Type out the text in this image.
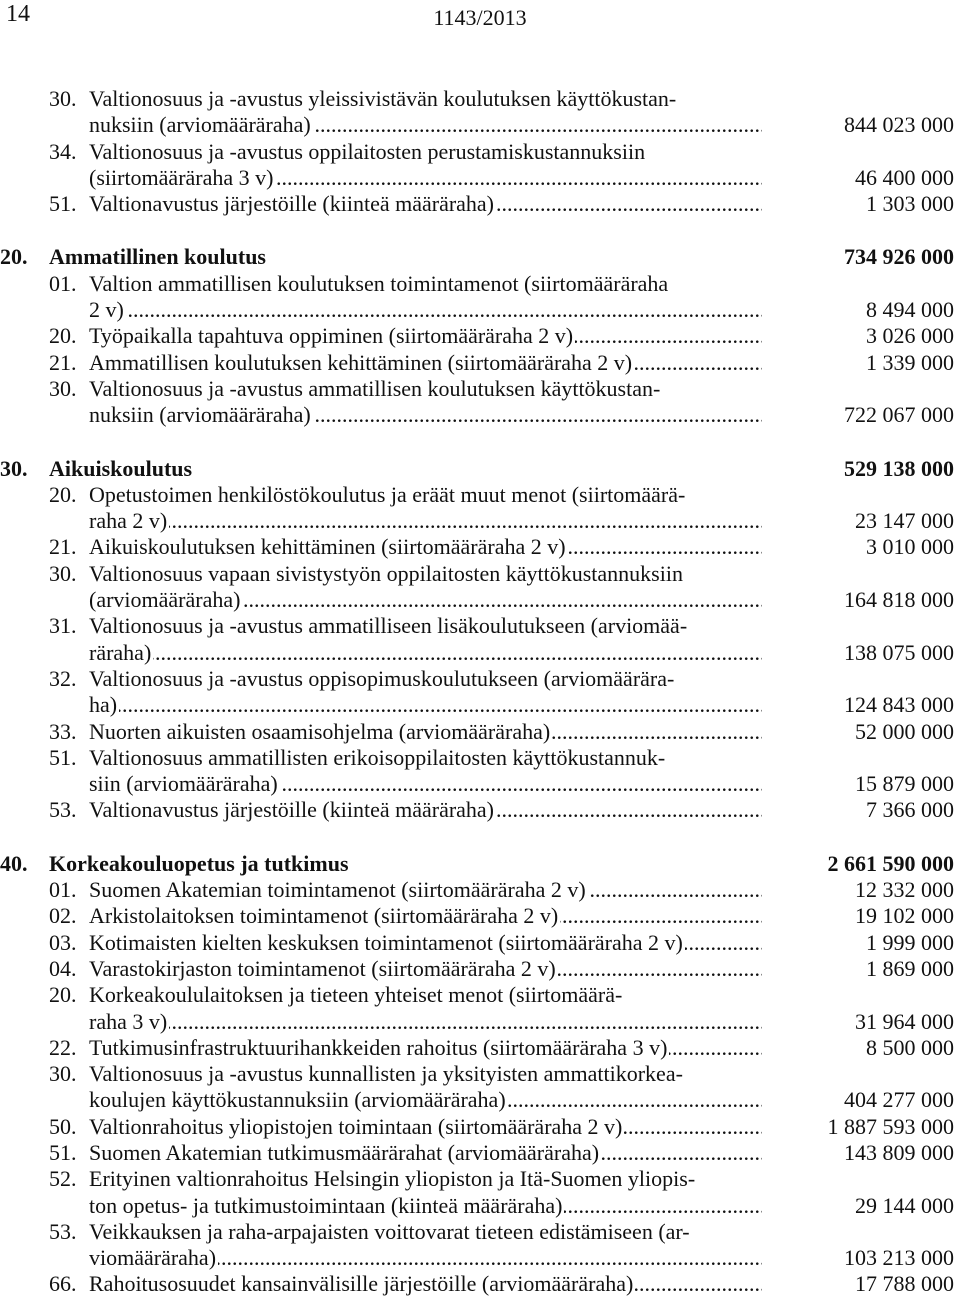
14	1143/2013
30. Valtionosuus ja -avustus yleissivistävän koulutuksen käyttökustan-
..... nuksiin (arviomääräraha)	844 023 000
34. Valtionosuus ja -avustus oppilaitosten perustamiskustannuksiin
..... (siirtomääräraha 3 v)	46 400 000
51. ..... Valtionavustus järjestöille (kiinteä määräraha)	1 303 000
20. Ammatillinen koulutus	734 926 000
01. Valtion ammatillisen koulutuksen toimintamenot (siirtomääräraha
..... 2 v)	8 494 000
20. ..... Työpaikalla tapahtuva oppiminen (siirtomääräraha 2 v)	3 026 000
21. ..... Ammatillisen koulutuksen kehittäminen (siirtomääräraha 2 v)	1 339 000
30. Valtionosuus ja -avustus ammatillisen koulutuksen käyttökustan-
..... nuksiin (arviomääräraha)	722 067 000
30. Aikuiskoulutus	529 138 000
20. Opetustoimen henkilöstökoulutus ja eräät muut menot (siirtomäärä-
..... raha 2 v)	23 147 000
21. ..... Aikuiskoulutuksen kehittäminen (siirtomääräraha 2 v)	3 010 000
30. Valtionosuus vapaan sivistystyön oppilaitosten käyttökustannuksiin
..... (arviomääräraha)	164 818 000
31. Valtionosuus ja -avustus ammatilliseen lisäkoulutukseen (arviomää-
..... räraha)	138 075 000
32. Valtionosuus ja -avustus oppisopimuskoulutukseen (arviomäärära-
..... ha)	124 843 000
33. ..... Nuorten aikuisten osaamisohjelma (arviomääräraha)	52 000 000
51. Valtionosuus ammatillisten erikoisoppilaitosten käyttökustannuk-
..... siin (arviomääräraha)	15 879 000
53. ..... Valtionavustus järjestöille (kiinteä määräraha)	7 366 000
40. Korkeakouluopetus ja tutkimus	2 661 590 000
01. ..... Suomen Akatemian toimintamenot (siirtomääräraha 2 v)	12 332 000
02. ..... Arkistolaitoksen toimintamenot (siirtomääräraha 2 v)	19 102 000
03. ..... Kotimaisten kielten keskuksen toimintamenot (siirtomääräraha 2 v)	1 999 000
04. ..... Varastokirjaston toimintamenot (siirtomääräraha 2 v)	1 869 000
20. Korkeakoululaitoksen ja tieteen yhteiset menot (siirtomäärä-
..... raha 3 v)	31 964 000
22. ..... Tutkimusinfrastruktuurihankkeiden rahoitus (siirtomääräraha 3 v)	8 500 000
30. Valtionosuus ja -avustus kunnallisten ja yksityisten ammattikorkea-
..... koulujen käyttökustannuksiin (arviomääräraha)	404 277 000
50. ..... Valtionrahoitus yliopistojen toimintaan (siirtomääräraha 2 v)	1 887 593 000
51. ..... Suomen Akatemian tutkimusmäärärahat (arviomääräraha)	143 809 000
52. Erityinen valtionrahoitus Helsingin yliopiston ja Itä-Suomen yliopis-
..... ton opetus- ja tutkimustoimintaan (kiinteä määräraha)	29 144 000
53. Veikkauksen ja raha-arpajaisten voittovarat tieteen edistämiseen (ar-
..... viomääräraha)	103 213 000
66. ..... Rahoitusosuudet kansainvälisille järjestöille (arviomääräraha)	17 788 000
